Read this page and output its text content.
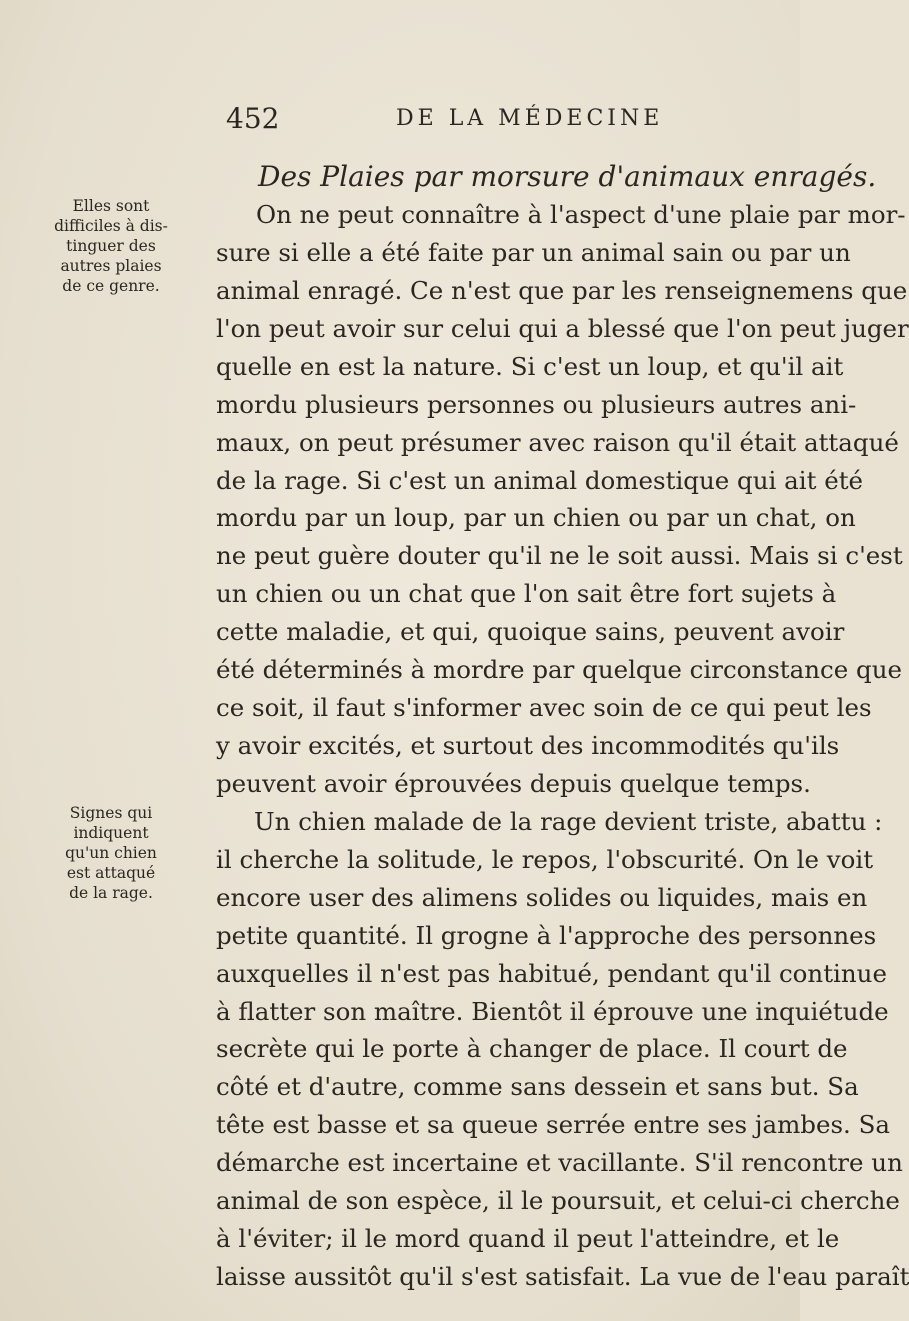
452	DE LA MÉDECINE
Des Plaies par morsure d'animaux enragés.
Elles sont
difficiles à dis-
tinguer des
autres plaies
de ce genre.
Signes qui
indiquent
qu'un chien
est attaqué
de la rage.
On ne peut connaître à l'aspect d'une plaie par mor-
sure si elle a été faite par un animal sain ou par un
animal enragé. Ce n'est que par les renseignemens que
l'on peut avoir sur celui qui a blessé que l'on peut juger
quelle en est la nature. Si c'est un loup, et qu'il ait
mordu plusieurs personnes ou plusieurs autres ani-
maux, on peut présumer avec raison qu'il était attaqué
de la rage. Si c'est un animal domestique qui ait été
mordu par un loup, par un chien ou par un chat, on
ne peut guère douter qu'il ne le soit aussi. Mais si c'est
un chien ou un chat que l'on sait être fort sujets à
cette maladie, et qui, quoique sains, peuvent avoir
été déterminés à mordre par quelque circonstance que
ce soit, il faut s'informer avec soin de ce qui peut les
y avoir excités, et surtout des incommodités qu'ils
peuvent avoir éprouvées depuis quelque temps.
Un chien malade de la rage devient triste, abattu :
il cherche la solitude, le repos, l'obscurité. On le voit
encore user des alimens solides ou liquides, mais en
petite quantité. Il grogne à l'approche des personnes
auxquelles il n'est pas habitué, pendant qu'il continue
à flatter son maître. Bientôt il éprouve une inquiétude
secrète qui le porte à changer de place. Il court de
côté et d'autre, comme sans dessein et sans but. Sa
tête est basse et sa queue serrée entre ses jambes. Sa
démarche est incertaine et vacillante. S'il rencontre un
animal de son espèce, il le poursuit, et celui-ci cherche
à l'éviter; il le mord quand il peut l'atteindre, et le
laisse aussitôt qu'il s'est satisfait. La vue de l'eau paraît
